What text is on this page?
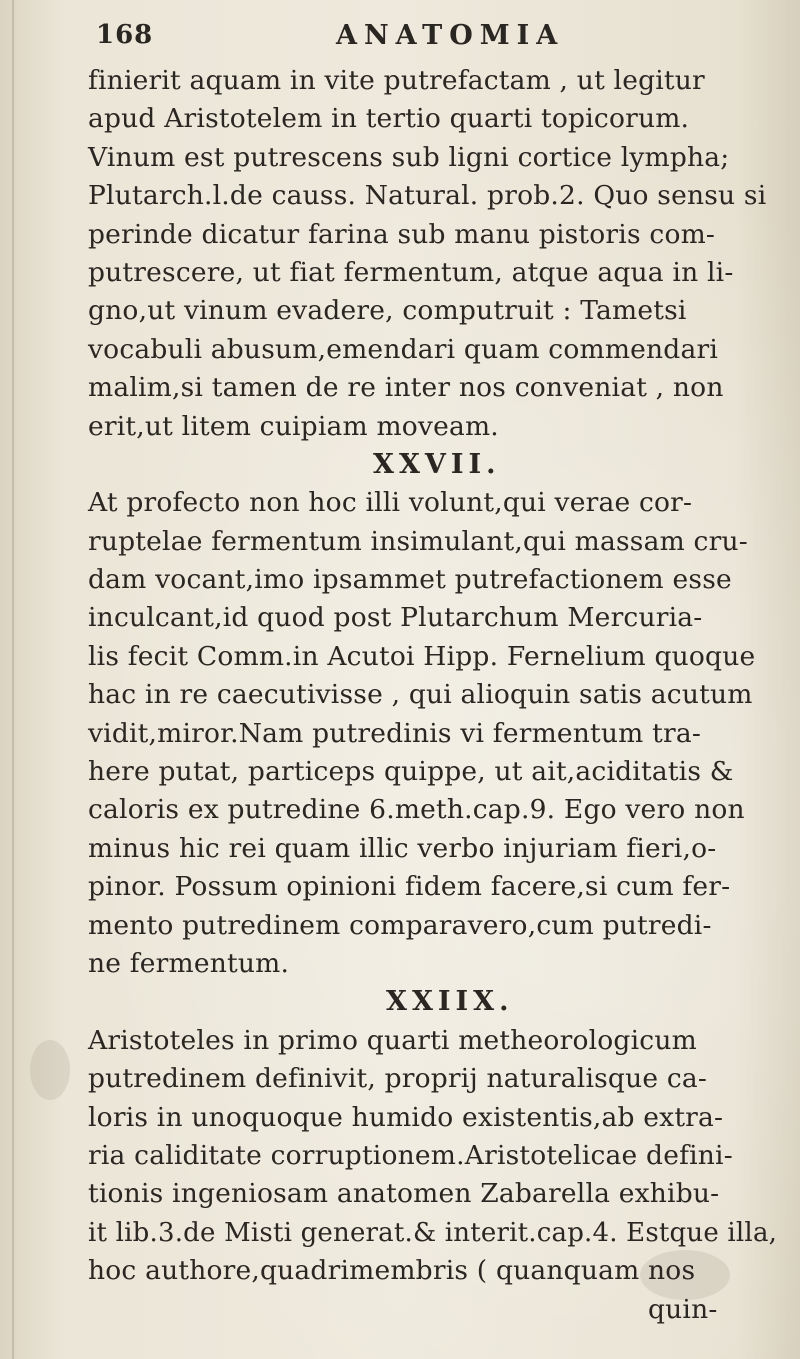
168	ANATOMIA
finierit aquam in vite putrefactam , ut legitur
apud Aristotelem in tertio quarti topicorum.
Vinum est putrescens sub ligni cortice lympha;
Plutarch.l.de causs. Natural. prob.2. Quo sensu si
perinde dicatur farina sub manu pistoris com-
putrescere, ut fiat fermentum, atque aqua in li-
gno,ut vinum evadere, computruit : Tametsi
vocabuli abusum,emendari quam commendari
malim,si tamen de re inter nos conveniat , non
erit,ut litem cuipiam moveam.
XXVII.
At profecto non hoc illi volunt,qui verae cor-
ruptelae fermentum insimulant,qui massam cru-
dam vocant,imo ipsammet putrefactionem esse
inculcant,id quod post Plutarchum Mercuria-
lis fecit Comm.in Acutoi Hipp. Fernelium quoque
hac in re caecutivisse , qui alioquin satis acutum
vidit,miror.Nam putredinis vi fermentum tra-
here putat, particeps quippe, ut ait,aciditatis &
caloris ex putredine 6.meth.cap.9. Ego vero non
minus hic rei quam illic verbo injuriam fieri,o-
pinor. Possum opinioni fidem facere,si cum fer-
mento putredinem comparavero,cum putredi-
ne fermentum.
XXIIX.
Aristoteles in primo quarti metheorologicum
putredinem definivit, proprij naturalisque ca-
loris in unoquoque humido existentis,ab extra-
ria caliditate corruptionem.Aristotelicae defini-
tionis ingeniosam anatomen Zabarella exhibu-
it lib.3.de Misti generat.& interit.cap.4. Estque illa,
hoc authore,quadrimembris ( quanquam nos
quin-
